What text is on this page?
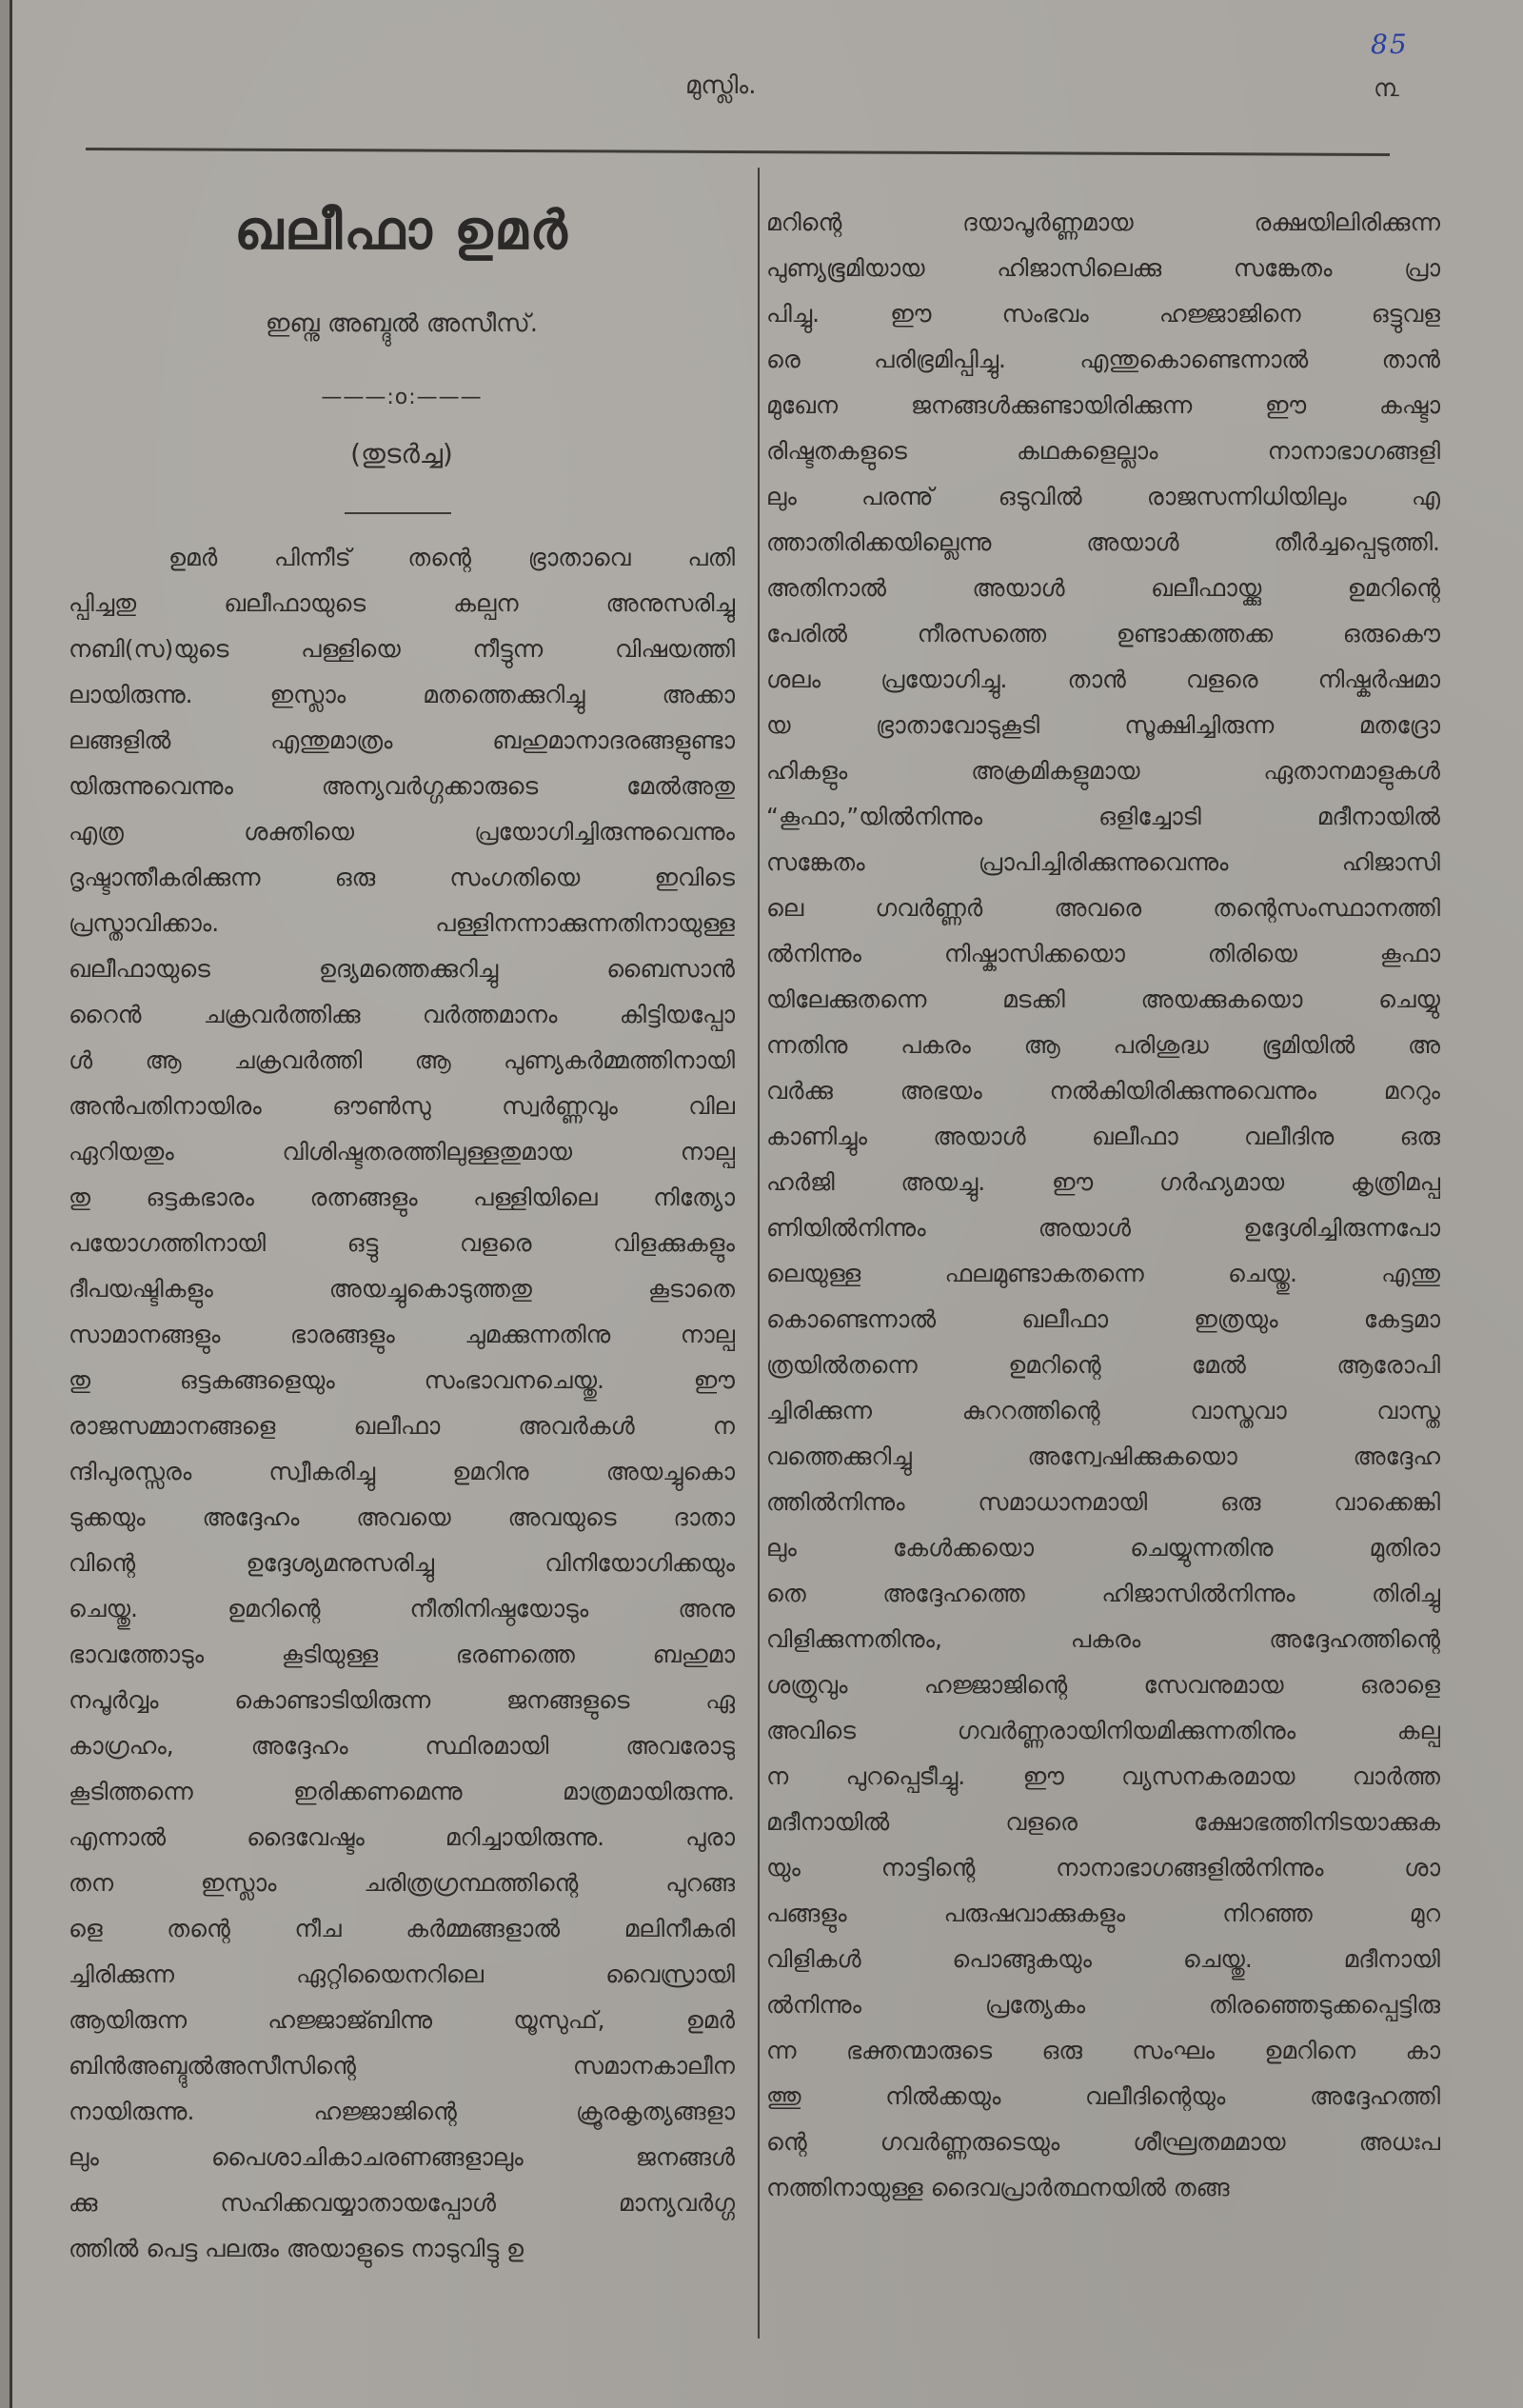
85
മുസ്ലിം.	൩
ഖലീഫാ ഉമർ
ഇബ്നു അബ്ദുൽ അസീസ്.
———:o:———
(തുടർച്ച)
ഉമർ പിന്നീട് തന്റെ ഭ്രാതാവെ പതി
പ്പിച്ചതു ഖലീഫായുടെ കല്പന അനുസരിച്ചു
നബി(സ)യുടെ പള്ളിയെ നീട്ടുന്ന വിഷയത്തി
ലായിരുന്നു. ഇസ്ലാം മതത്തെക്കുറിച്ചു അക്കാ
ലങ്ങളിൽ എന്തുമാത്രം ബഹുമാനാദരങ്ങളുണ്ടാ
യിരുന്നുവെന്നും അന്യവർഗ്ഗക്കാരുടെ മേൽഅതു
എത്ര ശക്തിയെ പ്രയോഗിച്ചിരുന്നുവെന്നും
ദൃഷ്ടാന്തീകരിക്കുന്ന ഒരു സംഗതിയെ ഇവിടെ
പ്രസ്താവിക്കാം. പള്ളിനന്നാക്കുന്നതിനായുള്ള
ഖലീഫായുടെ ഉദ്യമത്തെക്കുറിച്ചു ബൈസാൻ
റൈൻ ചക്രവർത്തിക്കു വർത്തമാനം കിട്ടിയപ്പോ
ൾ ആ ചക്രവർത്തി ആ പുണ്യകർമ്മത്തിനായി
അൻപതിനായിരം ഔൺസു സ്വർണ്ണവും വില
ഏറിയതും വിശിഷ്ടതരത്തിലുള്ളതുമായ നാല്പ
തു ഒട്ടകഭാരം രത്നങ്ങളും പള്ളിയിലെ നിത്യോ
പയോഗത്തിനായി ഒട്ടു വളരെ വിളക്കുകളും
ദീപയഷ്ടികളും അയച്ചുകൊടുത്തതു കൂടാതെ
സാമാനങ്ങളും ഭാരങ്ങളും ചുമക്കുന്നതിനു നാല്പ
തു ഒട്ടകങ്ങളെയും സംഭാവനചെയ്തു. ഈ
രാജസമ്മാനങ്ങളെ ഖലീഫാ അവർകൾ ന
ന്ദിപുരസ്സരം സ്വീകരിച്ചു ഉമറിനു അയച്ചുകൊ
ടുക്കയും അദ്ദേഹം അവയെ അവയുടെ ദാതാ
വിന്റെ ഉദ്ദേശ്യമനുസരിച്ചു വിനിയോഗിക്കയും
ചെയ്തു. ഉമറിന്റെ നീതിനിഷ്ഠയോടും അനു
ഭാവത്തോടും കൂടിയുള്ള ഭരണത്തെ ബഹുമാ
നപൂർവ്വം കൊണ്ടാടിയിരുന്ന ജനങ്ങളുടെ ഏ
കാഗ്രഹം, അദ്ദേഹം സ്ഥിരമായി അവരോടു
കൂടിത്തന്നെ ഇരിക്കണമെന്നു മാത്രമായിരുന്നു.
എന്നാൽ ദൈവേഷ്ടം മറിച്ചായിരുന്നു. പുരാ
തന ഇസ്ലാം ചരിത്രഗ്രന്ഥത്തിന്റെ പുറങ്ങ
ളെ തന്റെ നീച കർമ്മങ്ങളാൽ മലിനീകരി
ച്ചിരിക്കുന്ന ഏറ്റിയൈനറിലെ വൈസ്രായി
ആയിരുന്ന ഹജ്ജാജ്ബിന്നു യൂസുഫ്, ഉമർ
ബിൻഅബ്ദുൽഅസീസിന്റെ സമാനകാലീന
നായിരുന്നു. ഹജ്ജാജിന്റെ ക്രൂരകൃത്യങ്ങളാ
ലും പൈശാചികാചരണങ്ങളാലും ജനങ്ങൾ
ക്കു സഹിക്കവയ്യാതായപ്പോൾ മാന്യവർഗ്ഗ
ത്തിൽ പെട്ട പലരും അയാളുടെ നാടുവിട്ടു ഉ
മറിന്റെ ദയാപൂർണ്ണമായ രക്ഷയിലിരിക്കുന്ന
പുണ്യഭൂമിയായ ഹിജാസിലെക്കു സങ്കേതം പ്രാ
പിച്ചു. ഈ സംഭവം ഹജ്ജാജിനെ ഒട്ടുവള
രെ പരിഭ്രമിപ്പിച്ചു. എന്തുകൊണ്ടെന്നാൽ താൻ
മുഖേന ജനങ്ങൾക്കുണ്ടായിരിക്കുന്ന ഈ കഷ്ടാ
രിഷ്ടതകളുടെ കഥകളെല്ലാം നാനാഭാഗങ്ങളി
ലും പരന്നു് ഒടുവിൽ രാജസന്നിധിയിലും എ
ത്താതിരിക്കയില്ലെന്നു അയാൾ തീർച്ചപ്പെടുത്തി.
അതിനാൽ അയാൾ ഖലീഫായ്ക്കു ഉമറിന്റെ
പേരിൽ നീരസത്തെ ഉണ്ടാക്കത്തക്ക ഒരുകൌ
ശലം പ്രയോഗിച്ചു. താൻ വളരെ നിഷ്കർഷമാ
യ ഭ്രാതാവോടുകൂടി സൂക്ഷിച്ചിരുന്ന മതദ്രോ
ഹികളും അക്രമികളുമായ ഏതാനമാളുകൾ
“കൂഫാ,”യിൽനിന്നും ഒളിച്ചോടി മദീനായിൽ
സങ്കേതം പ്രാപിച്ചിരിക്കുന്നുവെന്നും ഹിജാസി
ലെ ഗവർണ്ണർ അവരെ തന്റെസംസ്ഥാനത്തി
ൽനിന്നും നിഷ്കാസിക്കയൊ തിരിയെ കൂഫാ
യിലേക്കുതന്നെ മടക്കി അയക്കുകയൊ ചെയ്യു
ന്നതിനു പകരം ആ പരിശുദ്ധ ഭൂമിയിൽ അ
വർക്കു അഭയം നൽകിയിരിക്കുന്നുവെന്നും മററും
കാണിച്ചും അയാൾ ഖലീഫാ വലീദിനു ഒരു
ഹർജി അയച്ചു. ഈ ഗർഹ്യമായ കൃത്രിമപ്പ
ണിയിൽനിന്നും അയാൾ ഉദ്ദേശിച്ചിരുന്നപോ
ലെയുള്ള ഫലമുണ്ടാകതന്നെ ചെയ്തു. എന്തു
കൊണ്ടെന്നാൽ ഖലീഫാ ഇത്രയും കേട്ടമാ
ത്രയിൽതന്നെ ഉമറിന്റെ മേൽ ആരോപി
ച്ചിരിക്കുന്ന കുററത്തിന്റെ വാസ്തവാ വാസ്ത
വത്തെക്കുറിച്ചു അന്വേഷിക്കുകയൊ അദ്ദേഹ
ത്തിൽനിന്നും സമാധാനമായി ഒരു വാക്കെങ്കി
ലും കേൾക്കയൊ ചെയ്യുന്നതിനു മുതിരാ
തെ അദ്ദേഹത്തെ ഹിജാസിൽനിന്നും തിരിച്ചു
വിളിക്കുന്നതിനും, പകരം അദ്ദേഹത്തിന്റെ
ശത്രുവും ഹജ്ജാജിന്റെ സേവനുമായ ഒരാളെ
അവിടെ ഗവർണ്ണരായിനിയമിക്കുന്നതിനും കല്പ
ന പുറപ്പെടീച്ചു. ഈ വ്യസനകരമായ വാർത്ത
മദീനായിൽ വളരെ ക്ഷോഭത്തിനിടയാക്കുക
യും നാട്ടിന്റെ നാനാഭാഗങ്ങളിൽനിന്നും ശാ
പങ്ങളും പരുഷവാക്കുകളും നിറഞ്ഞ മുറ
വിളികൾ പൊങ്ങുകയും ചെയ്തു. മദീനായി
ൽനിന്നും പ്രത്യേകം തിരഞ്ഞെടുക്കപ്പെട്ടിരു
ന്ന ഭക്തന്മാരുടെ ഒരു സംഘം ഉമറിനെ കാ
ത്തു നിൽക്കയും വലീദിന്റെയും അദ്ദേഹത്തി
ന്റെ ഗവർണ്ണരുടെയും ശീഘ്രതമമായ അധഃപ
നത്തിനായുള്ള ദൈവപ്രാർത്ഥനയിൽ തങ്ങ
